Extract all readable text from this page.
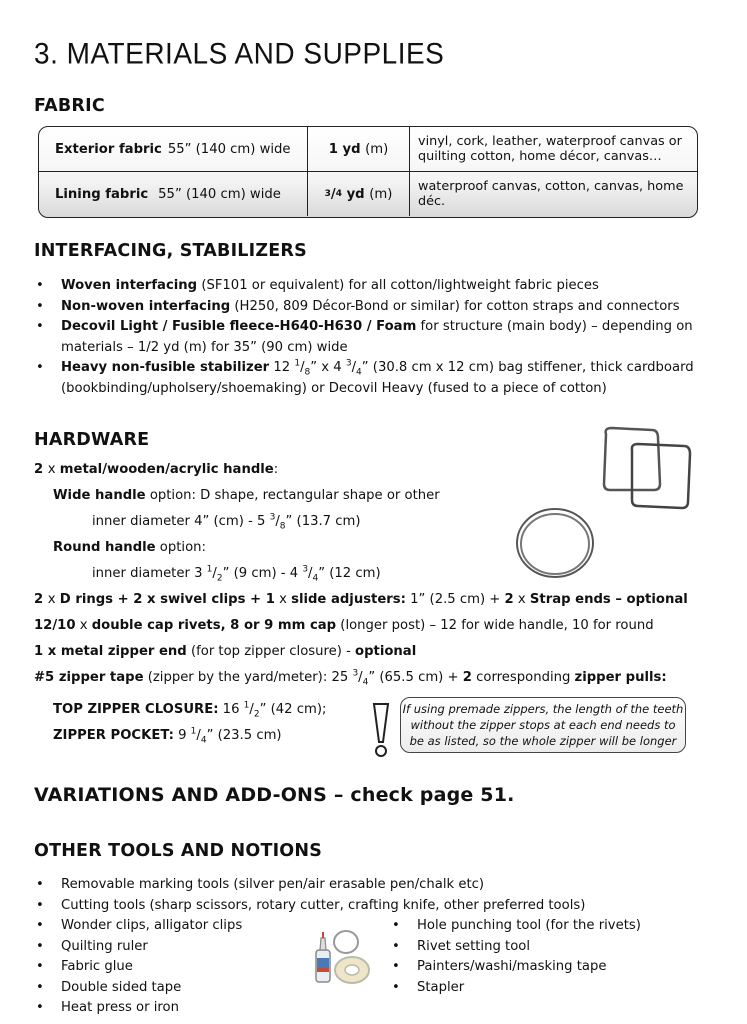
3. MATERIALS AND SUPPLIES
FABRIC
Exterior fabric 55” (140 cm) wide	1 yd
(m) vinyl, cork, leather, waterproof canvas or
quilting cotton, home décor, canvas…
Lining fabric 55” (140 cm) wide	3 / 4
yd
(m) waterproof canvas, cotton, canvas, home
déc.
INTERFACING, STABILIZERS
• Woven interfacing (SF101 or equivalent) for all cotton/lightweight fabric pieces
• Non-woven interfacing (H250, 809 Décor-Bond or similar) for cotton straps and connectors
• Decovil Light / Fusible fleece-H640-H630 / Foam for structure (main body) – depending on
materials – 1/2 yd (m) for 35” (90 cm) wide
• Heavy non-fusible stabilizer 12 $^1/_8$” x 4 $^3/_4$” (30.8 cm x 12 cm) bag stiffener, thick cardboard
(bookbinding/upholsery/shoemaking) or Decovil Heavy (fused to a piece of cotton)
HARDWARE
2 x metal/wooden/acrylic handle:
Wide handle option: D shape, rectangular shape or other
inner diameter 4” (cm) - 5 $^3/_8$” (13.7 cm)
Round handle option:
inner diameter 3 $^1/_2$” (9 cm) - 4 $^3/_4$” (12 cm)
2 x D rings + 2 x swivel clips + 1 x slide adjusters: 1” (2.5 cm) + 2 x Strap ends – optional
12/10 x double cap rivets, 8 or 9 mm cap (longer post) – 12 for wide handle, 10 for round
1 x metal zipper end (for top zipper closure) - optional
#5 zipper tape (zipper by the yard/meter): 25 $^3/_4$” (65.5 cm) + 2 corresponding zipper pulls:
TOP ZIPPER CLOSURE: 16 $^1/_2$” (42 cm);
ZIPPER POCKET: 9 $^1/_4$” (23.5 cm)
If using premade zippers, the length of the teeth
without the zipper stops at each end needs to
be as listed, so the whole zipper will be longer
VARIATIONS AND ADD-ONS – check page 51.
OTHER TOOLS AND NOTIONS
• Removable marking tools (silver pen/air erasable pen/chalk etc)
• Cutting tools (sharp scissors, rotary cutter, crafting knife, other preferred tools)
• Wonder clips, alligator clips
• Quilting ruler
• Fabric glue
• Double sided tape
• Heat press or iron
• Hole punching tool (for the rivets)
• Rivet setting tool
• Painters/washi/masking tape
• Stapler
